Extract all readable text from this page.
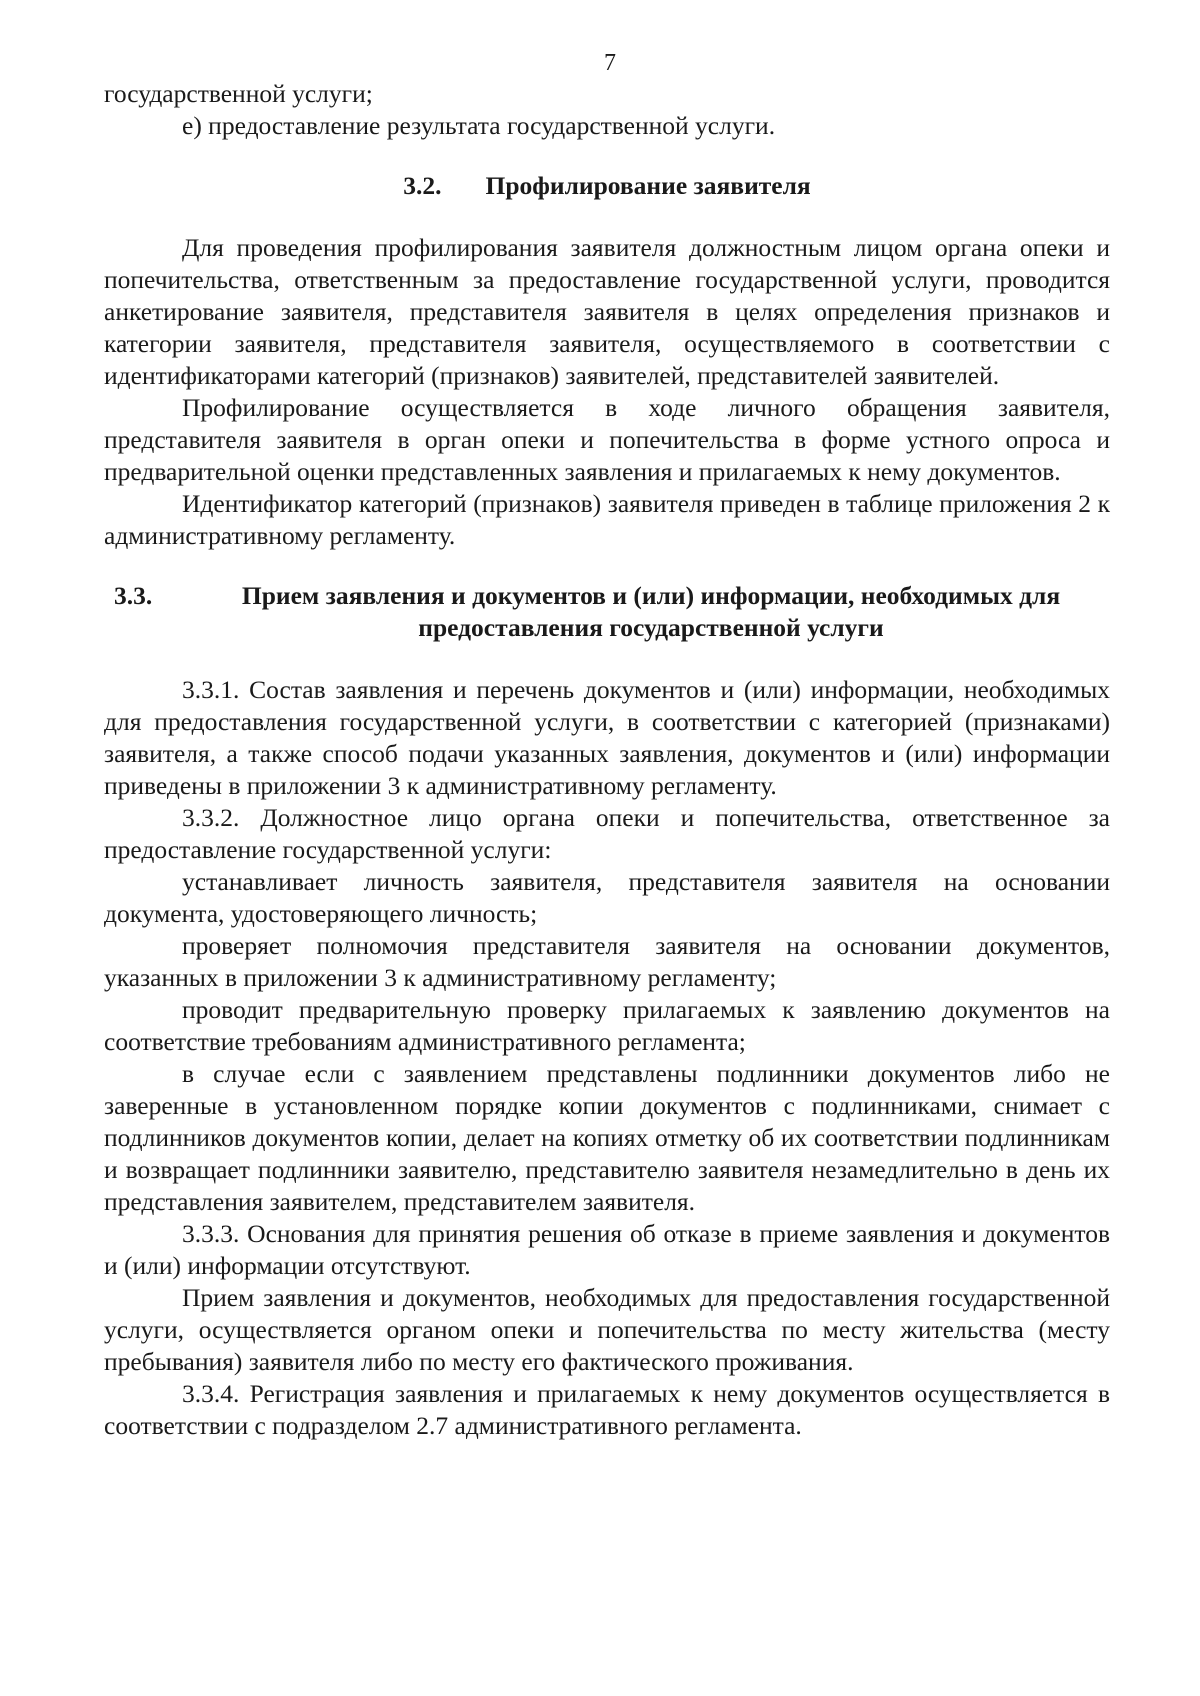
7

государственной услуги;

е) предоставление результата государственной услуги.

3.2. Профилирование заявителя

Для проведения профилирования заявителя должностным лицом органа опеки и попечительства, ответственным за предоставление государственной услуги, проводится анкетирование заявителя, представителя заявителя в целях определения признаков и категории заявителя, представителя заявителя, осуществляемого в соответствии с идентификаторами категорий (признаков) заявителей, представителей заявителей.

Профилирование осуществляется в ходе личного обращения заявителя, представителя заявителя в орган опеки и попечительства в форме устного опроса и предварительной оценки представленных заявления и прилагаемых к нему документов.

Идентификатор категорий (признаков) заявителя приведен в таблице приложения 2 к административному регламенту.

3.3.	Прием заявления и документов и (или) информации, необходимых для предоставления государственной услуги

3.3.1. Состав заявления и перечень документов и (или) информации, необходимых для предоставления государственной услуги, в соответствии с категорией (признаками) заявителя, а также способ подачи указанных заявления, документов и (или) информации приведены в приложении 3 к административному регламенту.

3.3.2. Должностное лицо органа опеки и попечительства, ответственное за предоставление государственной услуги:

устанавливает личность заявителя, представителя заявителя на основании документа, удостоверяющего личность;

проверяет полномочия представителя заявителя на основании документов, указанных в приложении 3 к административному регламенту;

проводит предварительную проверку прилагаемых к заявлению документов на соответствие требованиям административного регламента;

в случае если с заявлением представлены подлинники документов либо не заверенные в установленном порядке копии документов с подлинниками, снимает с подлинников документов копии, делает на копиях отметку об их соответствии подлинникам и возвращает подлинники заявителю, представителю заявителя незамедлительно в день их представления заявителем, представителем заявителя.

3.3.3. Основания для принятия решения об отказе в приеме заявления и документов и (или) информации отсутствуют.

Прием заявления и документов, необходимых для предоставления государственной услуги, осуществляется органом опеки и попечительства по месту жительства (месту пребывания) заявителя либо по месту его фактического проживания.

3.3.4. Регистрация заявления и прилагаемых к нему документов осуществляется в соответствии с подразделом 2.7 административного регламента.
